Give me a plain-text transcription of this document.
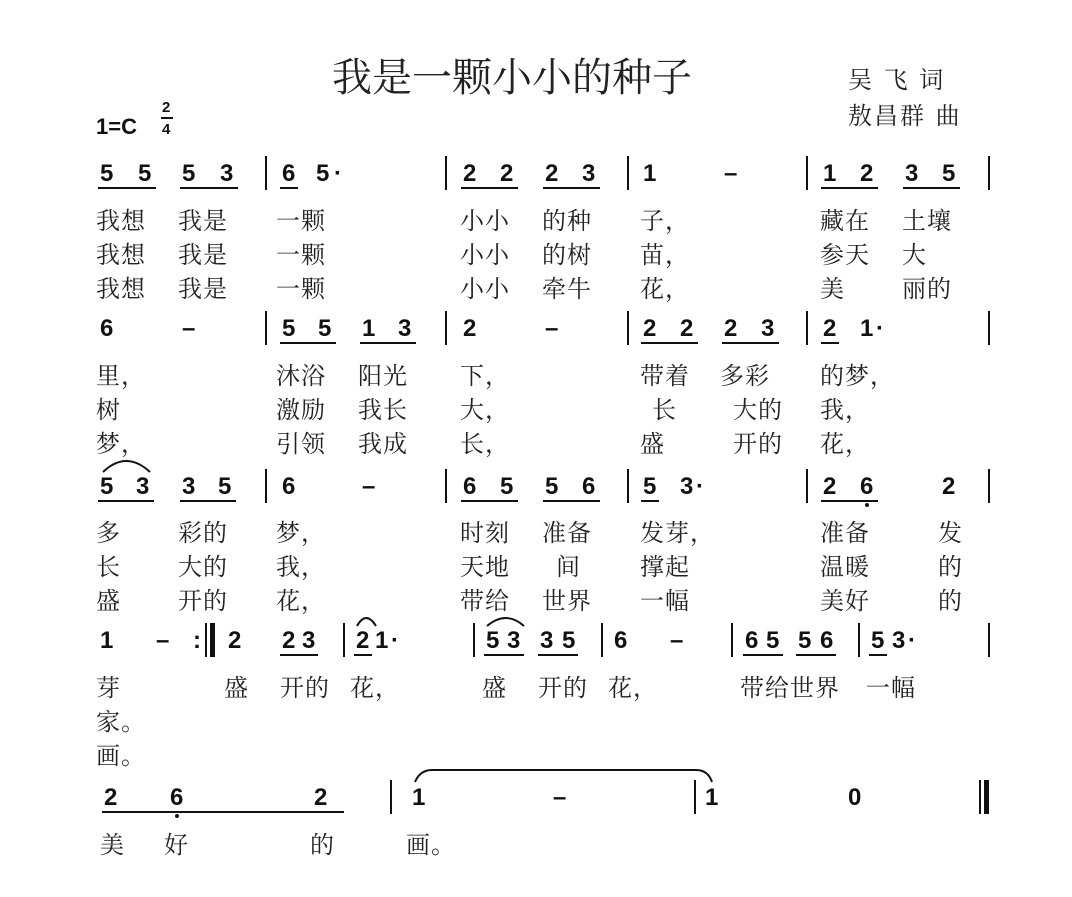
我是一颗小小的种子	吴 飞 词
敖昌群 曲
1=C
2
4
5 5 5 3 6 5 ·	2 2 2 3 1	–	1 2 3 5
我想 我是 一颗	小小 的种 子，	藏在 土壤
我想 我是 一颗	小小 的树 苗，	参天 大
我想 我是 一颗	小小 牵牛 花，	美 丽的
6	–	5 5 1 3 2	–	2 2 2 3 2 1 ·
里，	沐浴 阳光 下，	带着 多彩 的梦，
树	激励 我长 大，	长 大的 我，
梦，	引领 我成 长，	盛	开的 花，
5 3 3 5 6	–	6 5 5 6 5 3 ·	2 6	2
多 彩的 梦，	时刻 准备 发芽，	准备	发
长 大的 我，	天地 间 撑起	温暖	的
盛 开的 花，	带给 世界 一幅	美好	的
1 – : 2 2 3 2 1 ·	5 3 3 5 6 –	6 5 5 6 5 3 ·
芽	盛 开的 花，	盛 开的 花，	带给世界 一幅
家。
画。
2 6	2	1	–	1	0
美 好	的	画。
